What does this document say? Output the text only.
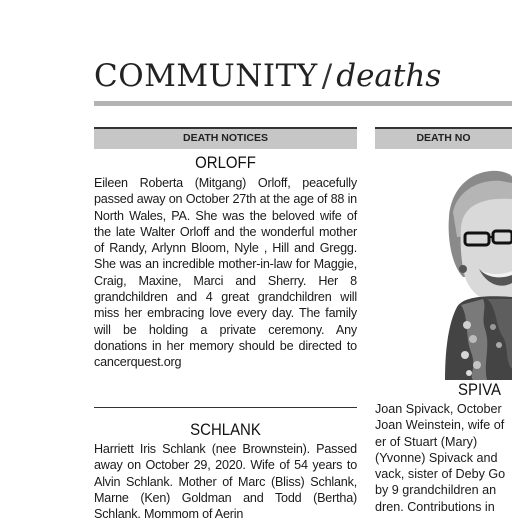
COMMUNITY / deaths
DEATH NOTICES	DEATH NO
ORLOFF
Eileen Roberta (Mitgang) Orloff, peacefully passed away on October 27th at the age of 88 in North Wales, PA. She was the beloved wife of the late Walter Orloff and the wonderful mother of Randy, Arlynn Bloom, Nyle , Hill and Gregg. She was an incredible mother-in-law for Maggie, Craig, Maxine, Marci and Sherry. Her 8 grandchildren and 4 great grandchildren will miss her embracing love every day. The family will be holding a private ceremony. Any donations in her memory should be directed to cancerquest.org
SCHLANK
Harriett Iris Schlank (nee Brownstein). Passed away on October 29, 2020. Wife of 54 years to Alvin Schlank. Mother of Marc (Bliss) Schlank, Marne (Ken) Goldman and Todd (Bertha) Schlank. Mommom of Aerin
SPIVA
Joan Spivack, October
Joan Weinstein, wife of
er of Stuart (Mary)
(Yvonne) Spivack and
vack, sister of Deby Go
by 9 grandchildren an
dren. Contributions in
